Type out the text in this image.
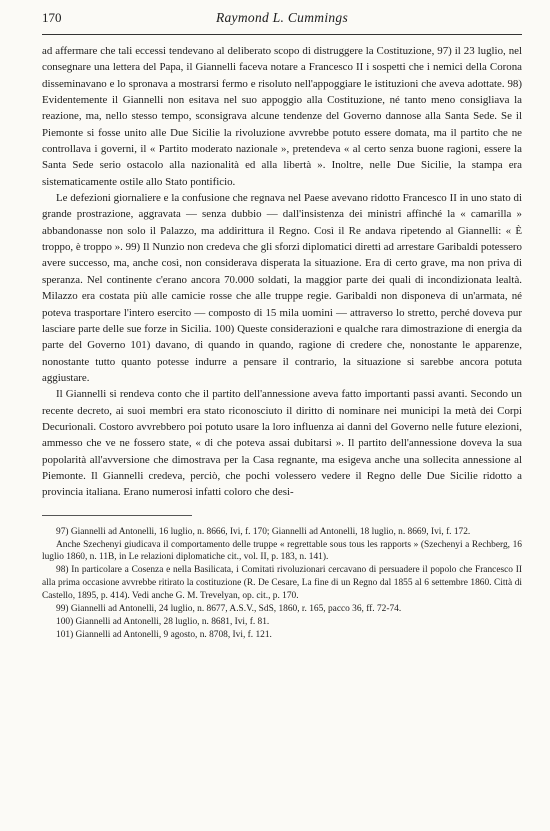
170	Raymond L. Cummings

ad affermare che tali eccessi tendevano al deliberato scopo di distruggere la Costituzione, 97) il 23 luglio, nel consegnare una lettera del Papa, il Giannelli faceva notare a Francesco II i sospetti che i nemici della Corona disseminavano e lo spronava a mostrarsi fermo e risoluto nell'appoggiare le istituzioni che aveva adottate. 98) Evidentemente il Giannelli non esitava nel suo appoggio alla Costituzione, né tanto meno consigliava la reazione, ma, nello stesso tempo, sconsigrava alcune tendenze del Governo dannose alla Santa Sede. Se il Piemonte si fosse unito alle Due Sicilie la rivoluzione avvrebbe potuto essere domata, ma il partito che ne controllava i governi, il « Partito moderato nazionale », pretendeva « al certo senza buone ragioni, essere la Santa Sede serio ostacolo alla nazionalità ed alla libertà ». Inoltre, nelle Due Sicilie, la stampa era sistematicamente ostile allo Stato pontificio.

Le defezioni giornaliere e la confusione che regnava nel Paese avevano ridotto Francesco II in uno stato di grande prostrazione, aggravata — senza dubbio — dall'insistenza dei ministri affinché la « camarilla » abbandonasse non solo il Palazzo, ma addirittura il Regno. Così il Re andava ripetendo al Giannelli: « È troppo, è troppo ». 99) Il Nunzio non credeva che gli sforzi diplomatici diretti ad arrestare Garibaldi potessero avere successo, ma, anche così, non considerava disperata la situazione. Era di certo grave, ma non priva di speranza. Nel continente c'erano ancora 70.000 soldati, la maggior parte dei quali di incondizionata lealtà. Milazzo era costata più alle camicie rosse che alle truppe regie. Garibaldi non disponeva di un'armata, né poteva trasportare l'intero esercito — composto di 15 mila uomini — attraverso lo stretto, perché doveva pur lasciare parte delle sue forze in Sicilia. 100) Queste considerazioni e qualche rara dimostrazione di energia da parte del Governo 101) davano, di quando in quando, ragione di credere che, nonostante le apparenze, nonostante tutto quanto potesse indurre a pensare il contrario, la situazione si sarebbe ancora potuta aggiustare.

Il Giannelli si rendeva conto che il partito dell'annessione aveva fatto importanti passi avanti. Secondo un recente decreto, ai suoi membri era stato riconosciuto il diritto di nominare nei municipi la metà dei Corpi Decurionali. Costoro avvrebbero poi potuto usare la loro influenza ai danni del Governo nelle future elezioni, ammesso che ve ne fossero state, « di che poteva assai dubitarsi ». Il partito dell'annessione doveva la sua popolarità all'avversione che dimostrava per la Casa regnante, ma esigeva anche una sollecita annessione al Piemonte. Il Giannelli credeva, perciò, che pochi volessero vedere il Regno delle Due Sicilie ridotto a provincia italiana. Erano numerosi infatti coloro che desi-

97) Giannelli ad Antonelli, 16 luglio, n. 8666, Ivi, f. 170; Giannelli ad Antonelli, 18 luglio, n. 8669, Ivi, f. 172.

Anche Szechenyi giudicava il comportamento delle truppe « regrettable sous tous les rapports » (Szechenyi a Rechberg, 16 luglio 1860, n. 11B, in Le relazioni diplomatiche cit., vol. II, p. 183, n. 141).

98) In particolare a Cosenza e nella Basilicata, i Comitati rivoluzionari cercavano di persuadere il popolo che Francesco II alla prima occasione avvrebbe ritirato la costituzione (R. De Cesare, La fine di un Regno dal 1855 al 6 settembre 1860. Città di Castello, 1895, p. 414). Vedi anche G. M. Trevelyan, op. cit., p. 170.

99) Giannelli ad Antonelli, 24 luglio, n. 8677, A.S.V., SdS, 1860, r. 165, pacco 36, ff. 72-74.

100) Giannelli ad Antonelli, 28 luglio, n. 8681, Ivi, f. 81.

101) Giannelli ad Antonelli, 9 agosto, n. 8708, Ivi, f. 121.
